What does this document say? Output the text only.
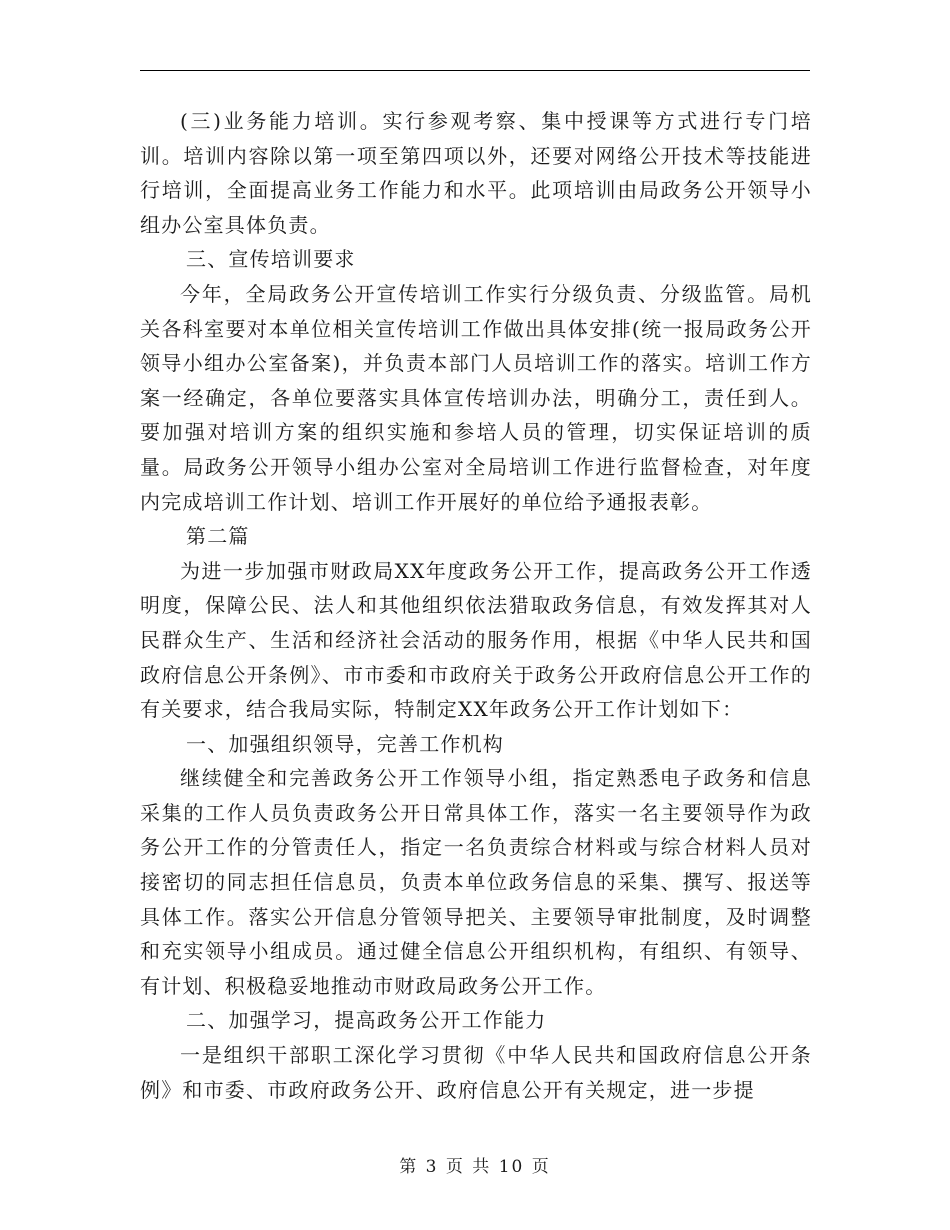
(三)业务能力培训。实行参观考察、集中授课等方式进行专门培训。培训内容除以第一项至第四项以外，还要对网络公开技术等技能进行培训，全面提高业务工作能力和水平。此项培训由局政务公开领导小组办公室具体负责。

三、宣传培训要求

今年，全局政务公开宣传培训工作实行分级负责、分级监管。局机关各科室要对本单位相关宣传培训工作做出具体安排(统一报局政务公开领导小组办公室备案)，并负责本部门人员培训工作的落实。培训工作方案一经确定，各单位要落实具体宣传培训办法，明确分工，责任到人。要加强对培训方案的组织实施和参培人员的管理，切实保证培训的质量。局政务公开领导小组办公室对全局培训工作进行监督检查，对年度内完成培训工作计划、培训工作开展好的单位给予通报表彰。

第二篇

为进一步加强市财政局XX年度政务公开工作，提高政务公开工作透明度，保障公民、法人和其他组织依法猎取政务信息，有效发挥其对人民群众生产、生活和经济社会活动的服务作用，根据《中华人民共和国政府信息公开条例》、市市委和市政府关于政务公开政府信息公开工作的有关要求，结合我局实际，特制定XX年政务公开工作计划如下：

一、加强组织领导，完善工作机构

继续健全和完善政务公开工作领导小组，指定熟悉电子政务和信息采集的工作人员负责政务公开日常具体工作，落实一名主要领导作为政务公开工作的分管责任人，指定一名负责综合材料或与综合材料人员对接密切的同志担任信息员，负责本单位政务信息的采集、撰写、报送等具体工作。落实公开信息分管领导把关、主要领导审批制度，及时调整和充实领导小组成员。通过健全信息公开组织机构，有组织、有领导、有计划、积极稳妥地推动市财政局政务公开工作。

二、加强学习，提高政务公开工作能力

一是组织干部职工深化学习贯彻《中华人民共和国政府信息公开条例》和市委、市政府政务公开、政府信息公开有关规定，进一步提

第 3 页 共 10 页
